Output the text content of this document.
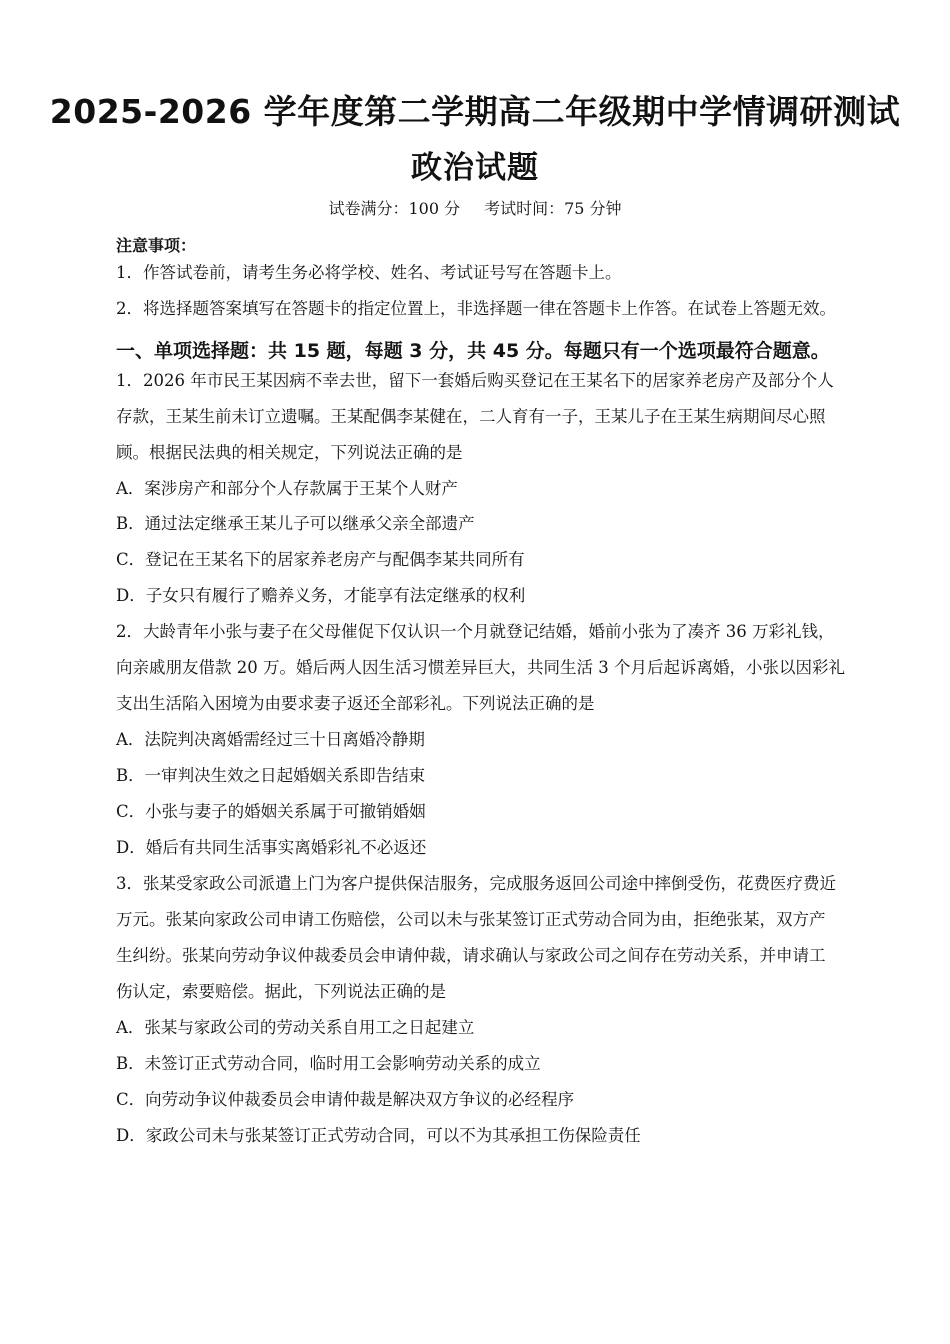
2025-2026 学年度第二学期高二年级期中学情调研测试
政治试题
试卷满分：100 分 考试时间：75 分钟
注意事项：
1．作答试卷前，请考生务必将学校、姓名、考试证号写在答题卡上。
2．将选择题答案填写在答题卡的指定位置上，非选择题一律在答题卡上作答。在试卷上答题无效。
一、单项选择题：共 15 题，每题 3 分，共 45 分。每题只有一个选项最符合题意。
1．2026 年市民王某因病不幸去世，留下一套婚后购买登记在王某名下的居家养老房产及部分个人
存款，王某生前未订立遗嘱。王某配偶李某健在，二人育有一子，王某儿子在王某生病期间尽心照
顾。根据民法典的相关规定，下列说法正确的是
A．案涉房产和部分个人存款属于王某个人财产
B．通过法定继承王某儿子可以继承父亲全部遗产
C．登记在王某名下的居家养老房产与配偶李某共同所有
D．子女只有履行了赡养义务，才能享有法定继承的权利
2．大龄青年小张与妻子在父母催促下仅认识一个月就登记结婚，婚前小张为了凑齐 36 万彩礼钱，
向亲戚朋友借款 20 万。婚后两人因生活习惯差异巨大，共同生活 3 个月后起诉离婚，小张以因彩礼
支出生活陷入困境为由要求妻子返还全部彩礼。下列说法正确的是
A．法院判决离婚需经过三十日离婚冷静期
B．一审判决生效之日起婚姻关系即告结束
C．小张与妻子的婚姻关系属于可撤销婚姻
D．婚后有共同生活事实离婚彩礼不必返还
3．张某受家政公司派遣上门为客户提供保洁服务，完成服务返回公司途中摔倒受伤，花费医疗费近
万元。张某向家政公司申请工伤赔偿，公司以未与张某签订正式劳动合同为由，拒绝张某，双方产
生纠纷。张某向劳动争议仲裁委员会申请仲裁，请求确认与家政公司之间存在劳动关系，并申请工
伤认定，索要赔偿。据此，下列说法正确的是
A．张某与家政公司的劳动关系自用工之日起建立
B．未签订正式劳动合同，临时用工会影响劳动关系的成立
C．向劳动争议仲裁委员会申请仲裁是解决双方争议的必经程序
D．家政公司未与张某签订正式劳动合同，可以不为其承担工伤保险责任
